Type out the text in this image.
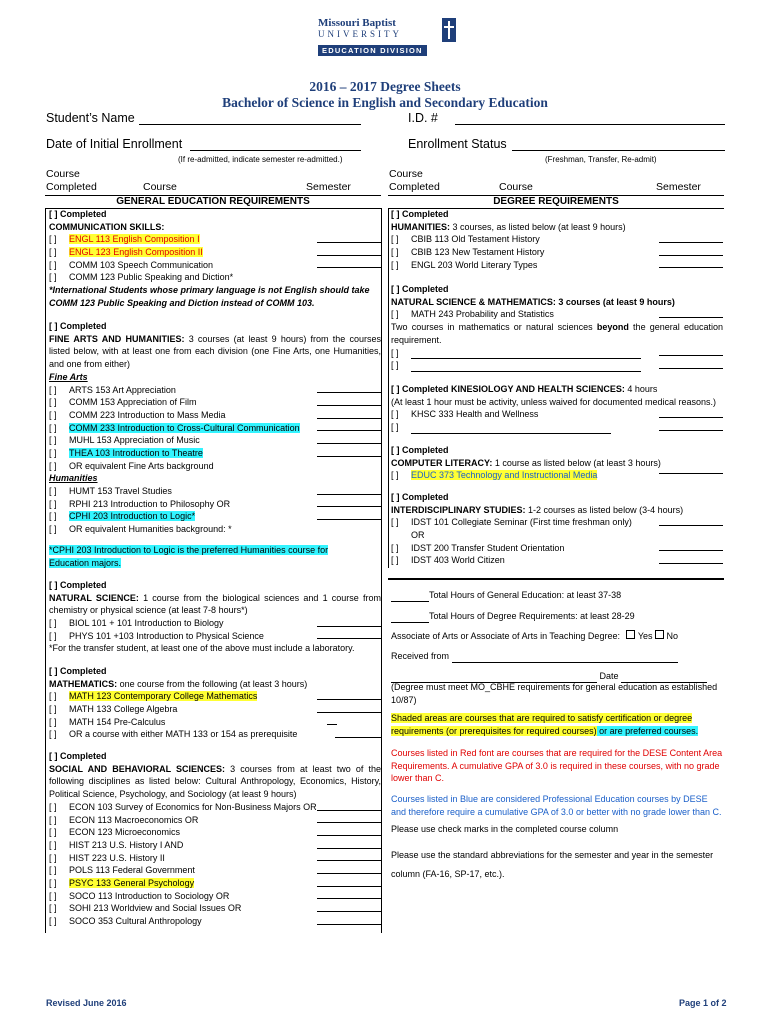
Missouri Baptist
UNIVERSITY
EDUCATION DIVISION
2016 – 2017 Degree Sheets
Bachelor of Science in English and Secondary Education
Student’s Name	I.D. #
Date of Initial Enrollment	Enrollment Status
(If re-admitted, indicate semester re-admitted.)	(Freshman, Transfer, Re-admit)
Course
Completed	Course	Semester
Course
Completed	Course	Semester
GENERAL EDUCATION REQUIREMENTS	DEGREE REQUIREMENTS

[ ] Completed

COMMUNICATION SKILLS:

[ ] ENGL 113 English Composition I
[ ] ENGL 123 English Composition II
[ ] COMM 103 Speech Communication
[ ] COMM 123 Public Speaking and Diction*

*International Students whose primary language is not English should take COMM 123 Public Speaking and Diction instead of COMM 103.

[ ] Completed

FINE ARTS AND HUMANITIES: 3 courses (at least 9 hours) from the courses listed below, with at least one from each division (one Fine Arts, one Humanities, and one from either)

Fine Arts

[ ] ARTS 153 Art Appreciation
[ ] COMM 153 Appreciation of Film
[ ] COMM 223 Introduction to Mass Media
[ ] COMM 233 Introduction to Cross-Cultural Communication
[ ] MUHL 153 Appreciation of Music
[ ] THEA 103 Introduction to Theatre
[ ] OR equivalent Fine Arts background

Humanities

[ ] HUMT 153 Travel Studies
[ ] RPHI 213 Introduction to Philosophy OR
[ ] CPHI 203 Introduction to Logic*
[ ] OR equivalent Humanities background: *

*CPHI 203 Introduction to Logic is the preferred Humanities course for Education majors.

[ ] Completed

NATURAL SCIENCE: 1 course from the biological sciences and 1 course from chemistry or physical science (at least 7-8 hours*)

[ ] BIOL 101 + 101 Introduction to Biology
[ ] PHYS 101 +103 Introduction to Physical Science

*For the transfer student, at least one of the above must include a laboratory.

[ ] Completed

MATHEMATICS: one course from the following (at least 3 hours)

[ ] MATH 123 Contemporary College Mathematics
[ ] MATH 133 College Algebra
[ ] MATH 154 Pre-Calculus
[ ] OR a course with either MATH 133 or 154 as prerequisite

[ ] Completed

SOCIAL AND BEHAVIORAL SCIENCES: 3 courses from at least two of the following disciplines as listed below: Cultural Anthropology, Economics, History, Political Science, Psychology, and Sociology (at least 9 hours)

[ ] ECON 103 Survey of Economics for Non-Business Majors OR
[ ] ECON 113 Macroeconomics OR
[ ] ECON 123 Microeconomics
[ ] HIST 213 U.S. History I AND
[ ] HIST 223 U.S. History II
[ ] POLS 113 Federal Government
[ ] PSYC 133 General Psychology
[ ] SOCO 113 Introduction to Sociology OR
[ ] SOHI 213 Worldview and Social Issues OR
[ ] SOCO 353 Cultural Anthropology

[ ] Completed

HUMANITIES: 3 courses, as listed below (at least 9 hours)

[ ] CBIB 113 Old Testament History
[ ] CBIB 123 New Testament History
[ ] ENGL 203 World Literary Types

[ ] Completed

NATURAL SCIENCE & MATHEMATICS: 3 courses (at least 9 hours)

[ ] MATH 243 Probability and Statistics

Two courses in mathematics or natural sciences beyond the general education requirement.

[ ]
[ ]

[ ] Completed KINESIOLOGY AND HEALTH SCIENCES: 4 hours

(At least 1 hour must be activity, unless waived for documented medical reasons.)

[ ] KHSC 333 Health and Wellness
[ ]

[ ] Completed

COMPUTER LITERACY: 1 course as listed below (at least 3 hours)

[ ] EDUC 373 Technology and Instructional Media

[ ] Completed

INTERDISCIPLINARY STUDIES: 1-2 courses as listed below (3-4 hours)

[ ] IDST 101 Collegiate Seminar (First time freshman only)
OR
[ ] IDST 200 Transfer Student Orientation
[ ] IDST 403 World Citizen

Total Hours of General Education: at least 37-38

Total Hours of Degree Requirements: at least 28-29

Associate of Arts or Associate of Arts in Teaching Degree: Yes No

Received from

Date

(Degree must meet MO_CBHE requirements for general education as established 10/87)

Shaded areas are courses that are required to satisfy certification or degree requirements (or prerequisites for required courses) or are preferred courses.

Courses listed in Red font are courses that are required for the DESE Content Area Requirements. A cumulative GPA of 3.0 is required in these courses, with no grade lower than C.

Courses listed in Blue are considered Professional Education courses by DESE and therefore require a cumulative GPA of 3.0 or better with no grade lower than C.

Please use check marks in the completed course column

Please use the standard abbreviations for the semester and year in the semester column (FA-16, SP-17, etc.).

Revised June 2016	Page 1 of 2
